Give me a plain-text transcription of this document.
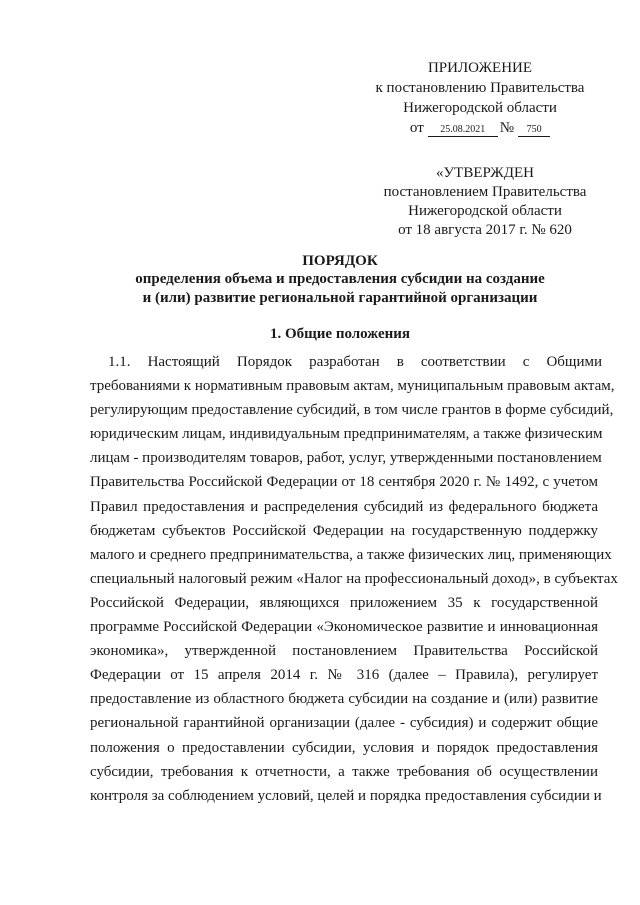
ПРИЛОЖЕНИЕ
к постановлению Правительства
Нижегородской области
от 25.08.2021 № 750
«УТВЕРЖДЕН
постановлением Правительства
Нижегородской области
от 18 августа 2017 г. № 620
ПОРЯДОК
определения объема и предоставления субсидии на создание
и (или) развитие региональной гарантийной организации
1. Общие положения
1.1. Настоящий Порядок разработан в соответствии с Общими
требованиями к нормативным правовым актам, муниципальным правовым актам,
регулирующим предоставление субсидий, в том числе грантов в форме субсидий,
юридическим лицам, индивидуальным предпринимателям, а также физическим
лицам - производителям товаров, работ, услуг, утвержденными постановлением
Правительства Российской Федерации от 18 сентября 2020 г. № 1492, с учетом
Правил предоставления и распределения субсидий из федерального бюджета
бюджетам субъектов Российской Федерации на государственную поддержку
малого и среднего предпринимательства, а также физических лиц, применяющих
специальный налоговый режим «Налог на профессиональный доход», в субъектах
Российской Федерации, являющихся приложением 35 к государственной
программе Российской Федерации «Экономическое развитие и инновационная
экономика», утвержденной постановлением Правительства Российской
Федерации от 15 апреля 2014 г. № 316 (далее – Правила), регулирует
предоставление из областного бюджета субсидии на создание и (или) развитие
региональной гарантийной организации (далее - субсидия) и содержит общие
положения о предоставлении субсидии, условия и порядок предоставления
субсидии, требования к отчетности, а также требования об осуществлении
контроля за соблюдением условий, целей и порядка предоставления субсидии и
